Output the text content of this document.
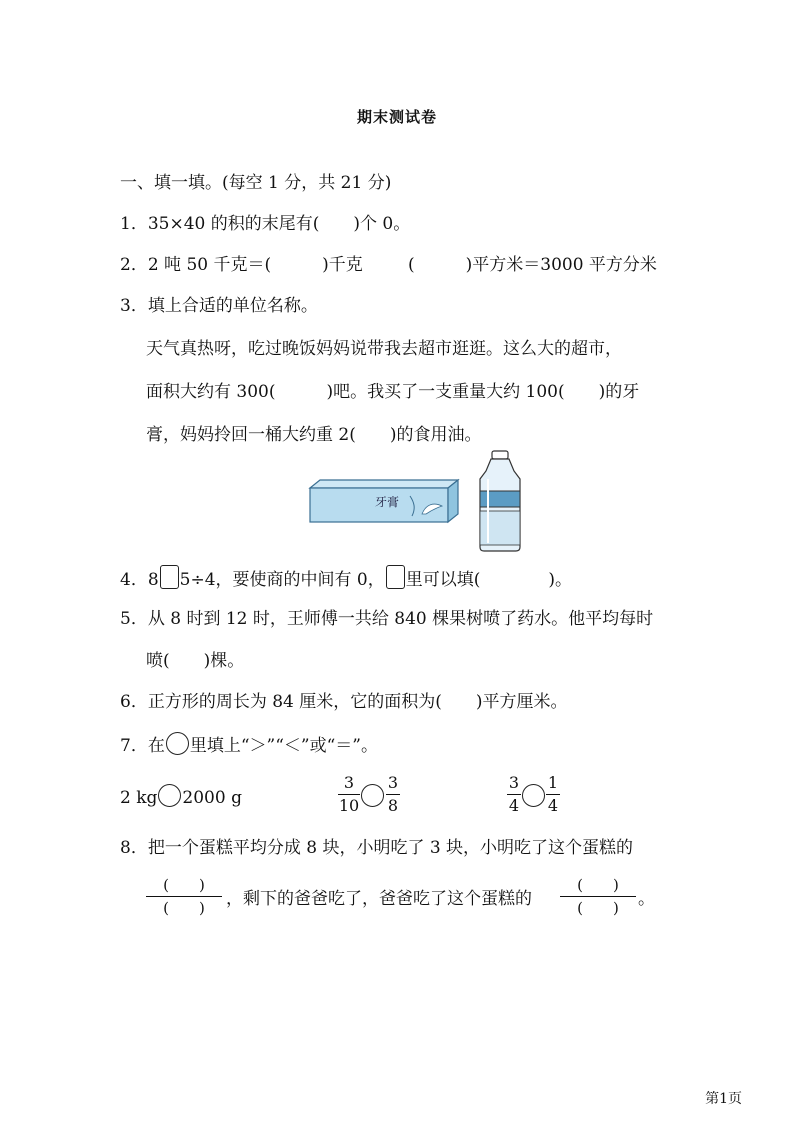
期末测试卷
一、填一填。(每空 1 分，共 21 分)
1．35×40 的积的末尾有(　　)个 0。
2．2 吨 50 千克＝(　　　)千克	(　　　)平方米＝3000 平方分米
3．填上合适的单位名称。
天气真热呀，吃过晚饭妈妈说带我去超市逛逛。这么大的超市，
面积大约有 300(　　　)吧。我买了一支重量大约 100(　　)的牙
膏，妈妈拎回一桶大约重 2(　　)的食用油。
牙膏
4．8 5÷4，要使商的中间有 0， 里可以填(　　　　)。
5．从 8 时到 12 时，王师傅一共给 840 棵果树喷了药水。他平均每时
喷(　　)棵。
6．正方形的周长为 84 厘米，它的面积为(　　)平方厘米。
7．在 里填上“＞”“＜”或“＝”。
2 kg 2000 g
3
10
3
8
3
4
1
4
8．把一个蛋糕平均分成 8 块，小明吃了 3 块，小明吃了这个蛋糕的
(　　)
(　　)	，剩下的爸爸吃了，爸爸吃了这个蛋糕的
(　　)
(　　)	。
第1页
